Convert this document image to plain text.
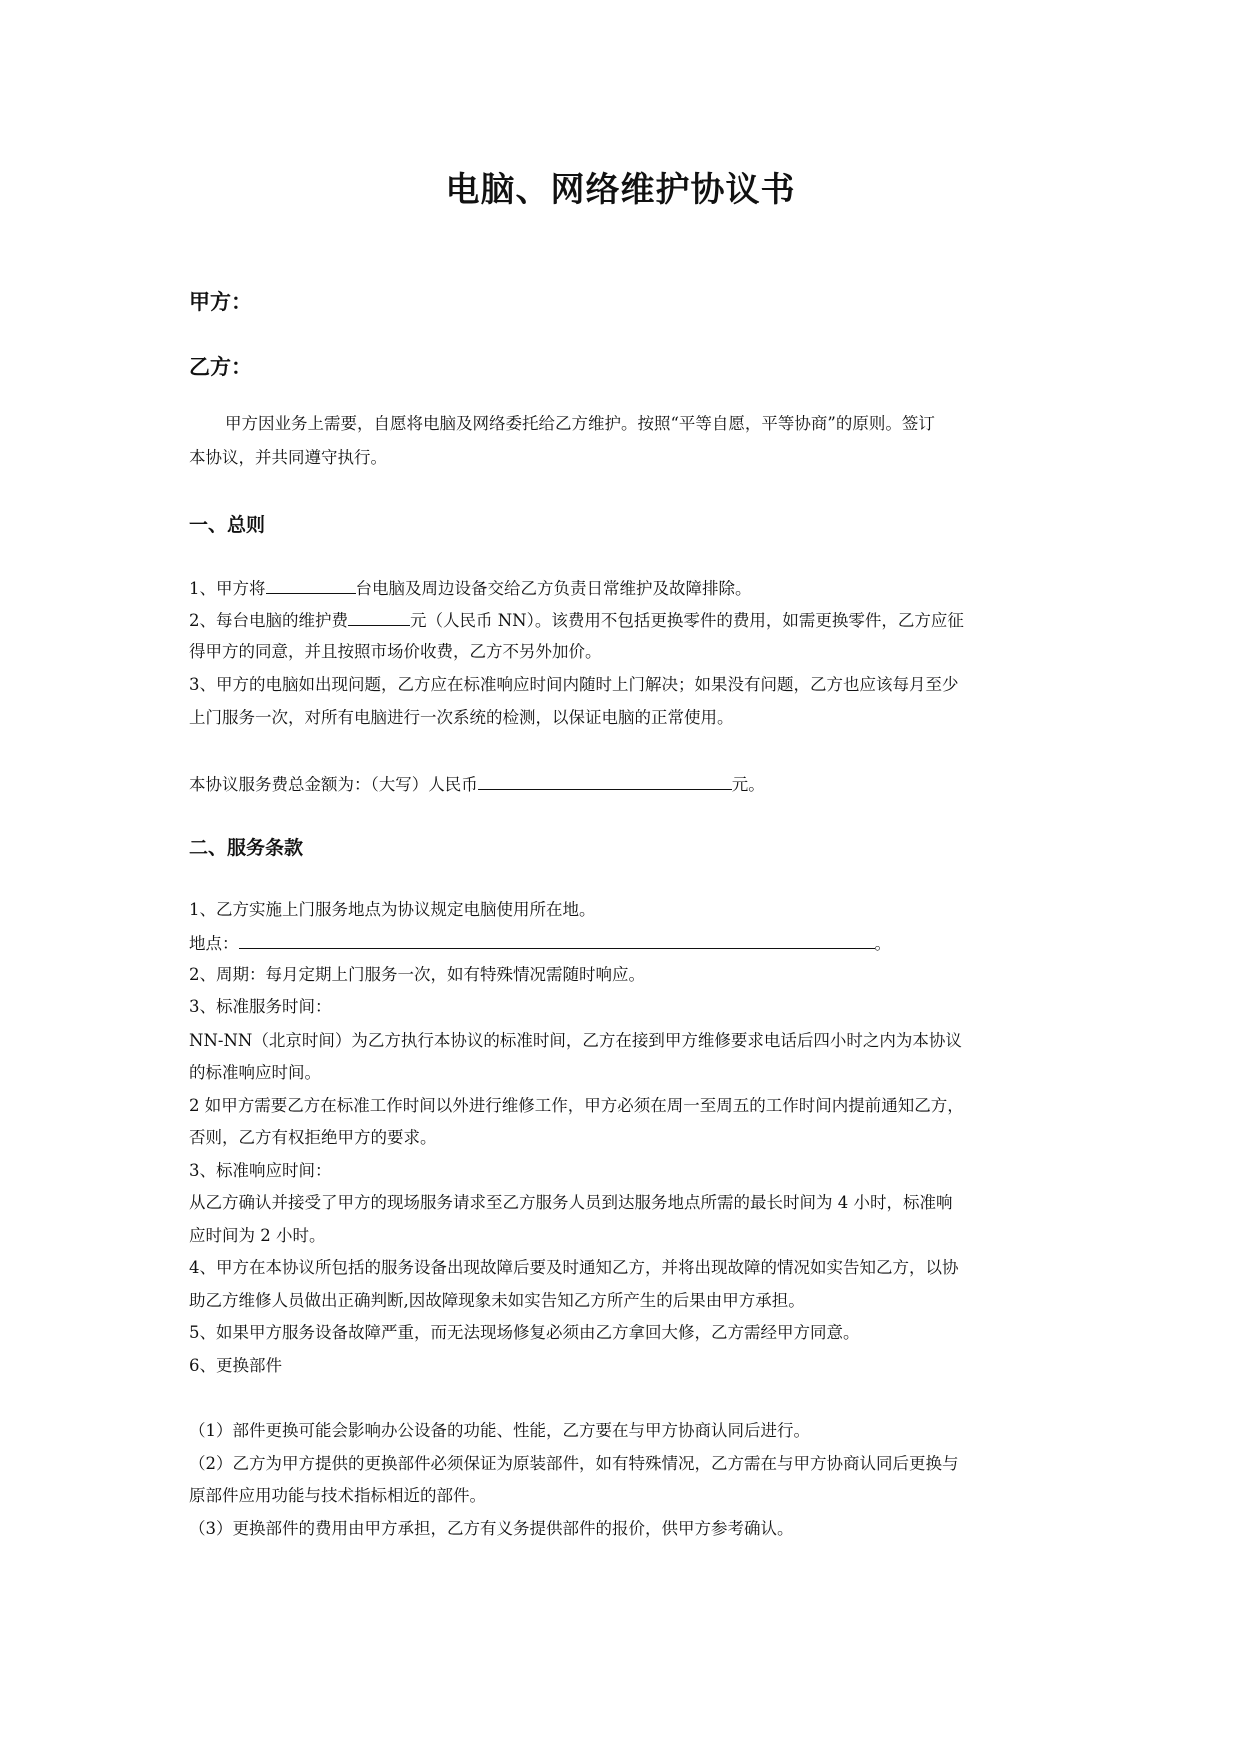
电脑、网络维护协议书
甲方：
乙方：
甲方因业务上需要，自愿将电脑及网络委托给乙方维护。按照“平等自愿，平等协商”的原则。签订
本协议，并共同遵守执行。
一、总则
1、甲方将	台电脑及周边设备交给乙方负责日常维护及故障排除。
2、每台电脑的维护费	元（人民币 NN）。该费用不包括更换零件的费用，如需更换零件，乙方应征
得甲方的同意，并且按照市场价收费，乙方不另外加价。
3、甲方的电脑如出现问题，乙方应在标准响应时间内随时上门解决；如果没有问题，乙方也应该每月至少
上门服务一次，对所有电脑进行一次系统的检测，以保证电脑的正常使用。
本协议服务费总金额为：（大写）人民币	元。
二、服务条款
1、乙方实施上门服务地点为协议规定电脑使用所在地。
地点：	。
2、周期：每月定期上门服务一次，如有特殊情况需随时响应。
3、标准服务时间：
NN-NN（北京时间）为乙方执行本协议的标准时间，乙方在接到甲方维修要求电话后四小时之内为本协议
的标准响应时间。
2 如甲方需要乙方在标准工作时间以外进行维修工作，甲方必须在周一至周五的工作时间内提前通知乙方，
否则，乙方有权拒绝甲方的要求。
3、标准响应时间：
从乙方确认并接受了甲方的现场服务请求至乙方服务人员到达服务地点所需的最长时间为 4 小时，标准响
应时间为 2 小时。
4、甲方在本协议所包括的服务设备出现故障后要及时通知乙方，并将出现故障的情况如实告知乙方，以协
助乙方维修人员做出正确判断,因故障现象未如实告知乙方所产生的后果由甲方承担。
5、如果甲方服务设备故障严重，而无法现场修复必须由乙方拿回大修，乙方需经甲方同意。
6、更换部件
（1）部件更换可能会影响办公设备的功能、性能，乙方要在与甲方协商认同后进行。
（2）乙方为甲方提供的更换部件必须保证为原装部件，如有特殊情况，乙方需在与甲方协商认同后更换与
原部件应用功能与技术指标相近的部件。
（3）更换部件的费用由甲方承担，乙方有义务提供部件的报价，供甲方参考确认。
